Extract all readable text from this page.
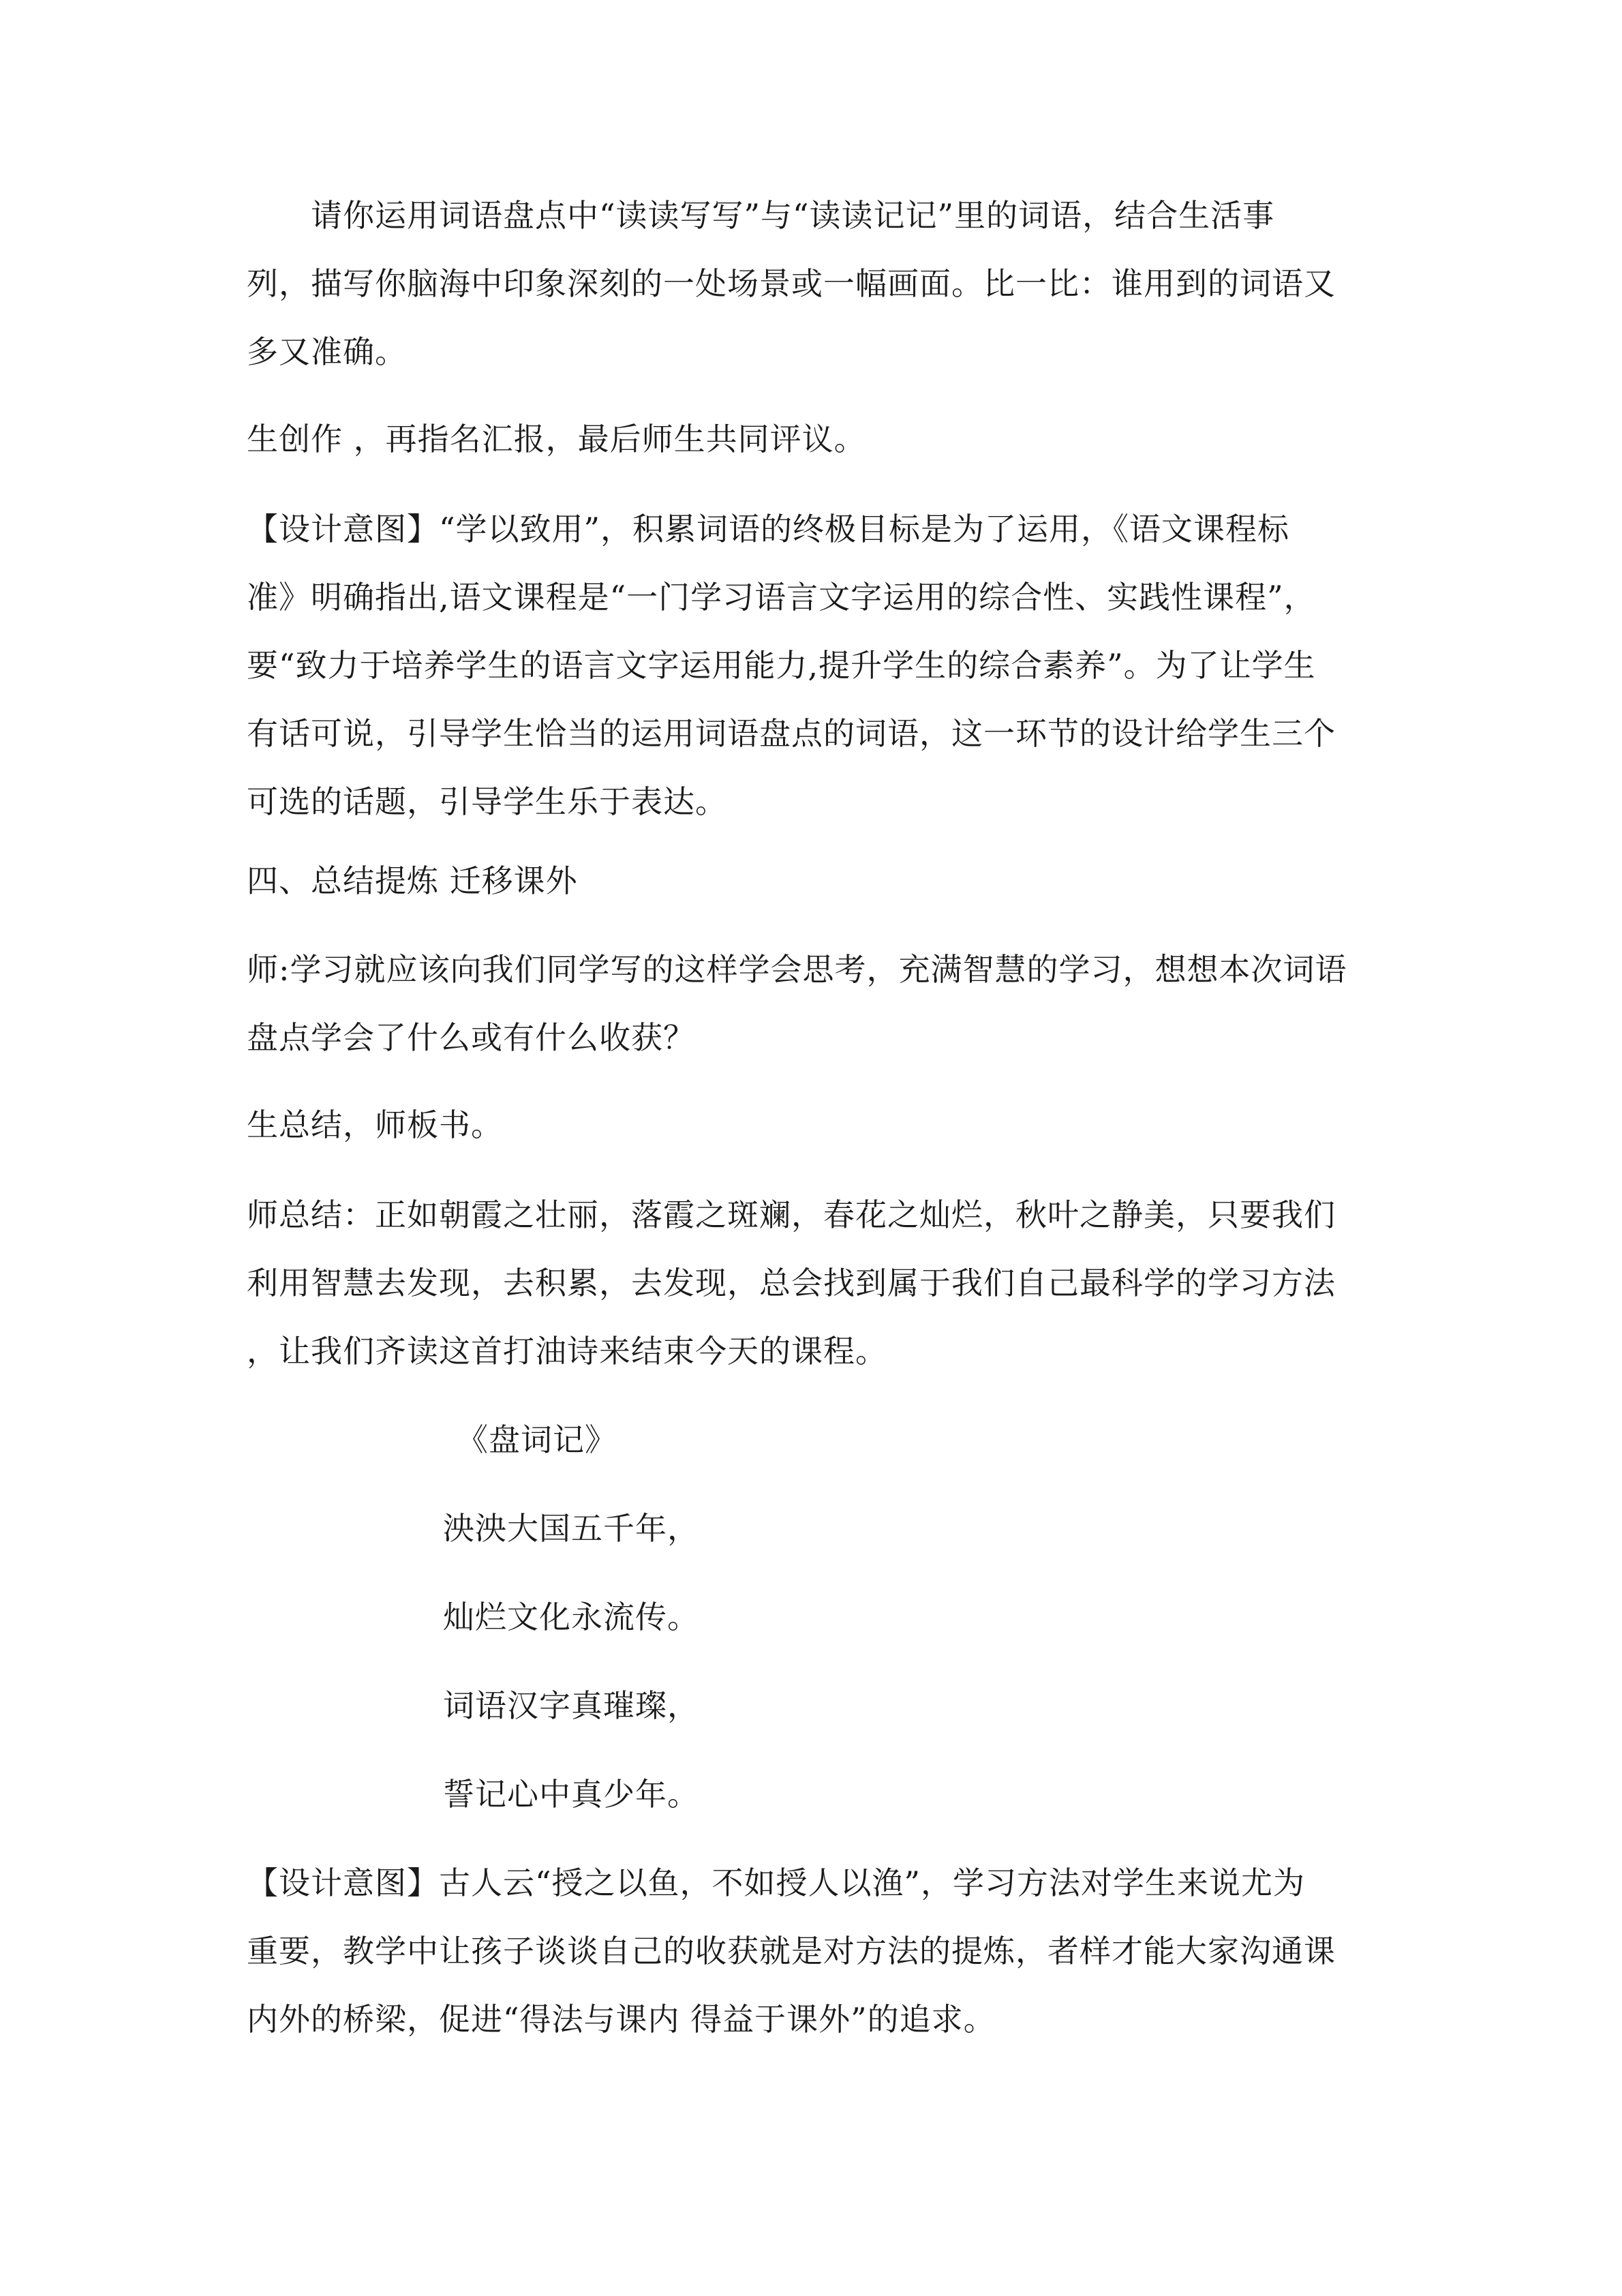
请你运用词语盘点中“读读写写”与“读读记记”里的词语，结合生活事
列，描写你脑海中印象深刻的一处场景或一幅画面。比一比：谁用到的词语又
多又准确。
生创作 ，再指名汇报，最后师生共同评议。
【设计意图】“学以致用”，积累词语的终极目标是为了运用，《语文课程标
准》明确指出,语文课程是“一门学习语言文字运用的综合性、实践性课程”，
要“致力于培养学生的语言文字运用能力,提升学生的综合素养”。为了让学生
有话可说，引导学生恰当的运用词语盘点的词语，这一环节的设计给学生三个
可选的话题，引导学生乐于表达。
四、总结提炼 迁移课外
师:学习就应该向我们同学写的这样学会思考，充满智慧的学习，想想本次词语
盘点学会了什么或有什么收获？
生总结，师板书。
师总结：正如朝霞之壮丽，落霞之斑斓，春花之灿烂，秋叶之静美，只要我们
利用智慧去发现，去积累，去发现，总会找到属于我们自己最科学的学习方法
，让我们齐读这首打油诗来结束今天的课程。
《盘词记》
泱泱大国五千年，
灿烂文化永流传。
词语汉字真璀璨，
誓记心中真少年。
【设计意图】古人云“授之以鱼，不如授人以渔”，学习方法对学生来说尤为
重要，教学中让孩子谈谈自己的收获就是对方法的提炼，者样才能大家沟通课
内外的桥梁，促进“得法与课内 得益于课外”的追求。
